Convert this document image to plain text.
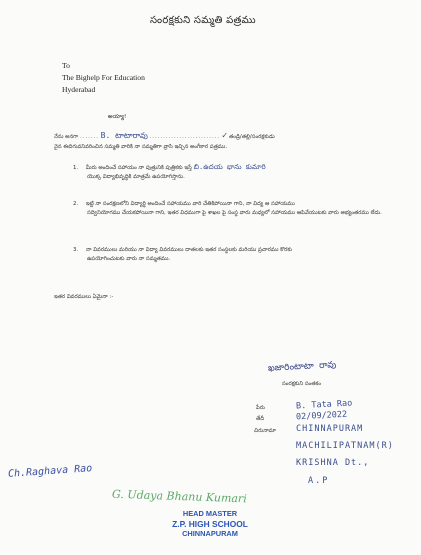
సంరక్షకుని సమ్మతి పత్రము
To
The Bighelp For Education
Hyderabad
అయ్యా!
నేను అనగా ....... B. టాటారావు .......................... ✓ తండ్రి/తల్లి/సంరక్షకుడు
నైన ఈదిగువనివరించిన సమ్మతి వారికి నా సమ్మతిగా వ్రాసి ఇచ్చిన అంగీకార పత్రము.
1. మీరు అందించే సహాయం నా పుత్రునికి పుత్రికకు ఇస్తే బి.ఉదయ భాను కుమారి
యొక్క విద్యాభివృద్ధికి మాత్రమే ఉపయోగిస్తాను.
2. ఇట్టి నా సంరక్షణలోని విద్యార్థి అందించే సహాయము వారి చేతికిపోయినా గాని, నా విద్య ఆ సహాయము
సద్వినియోగము చేయకపోయినా గాని, ఇతర విధముగా పై శాఖల పై సంస్థ వారు మధ్యలో సహాయము ఆపివేయుటకు వారు అభ్యంతరము లేదు.
3. నా వివరములు మరియు నా విద్యా వివరములు దాతలకు ఇతర సంస్థలకు మరియు ప్రచారము కొరకు
ఉపయోగించుటకు వారు నా సమ్మతము.
ఇతర వివరములు ఏమైనా :-
ఖజారింటాటా రావు
సంరక్షకుని సంతకం
పేరు	B. Tata Rao
తేదీ	02/09/2022
చిరునామా CHINNAPURAM
MACHILIPATNAM(R)
KRISHNA Dt.,
A.P
Ch.Raghava Rao
G. Udaya Bhanu Kumari
HEAD MASTER
Z.P. HIGH SCHOOL
CHINNAPURAM
